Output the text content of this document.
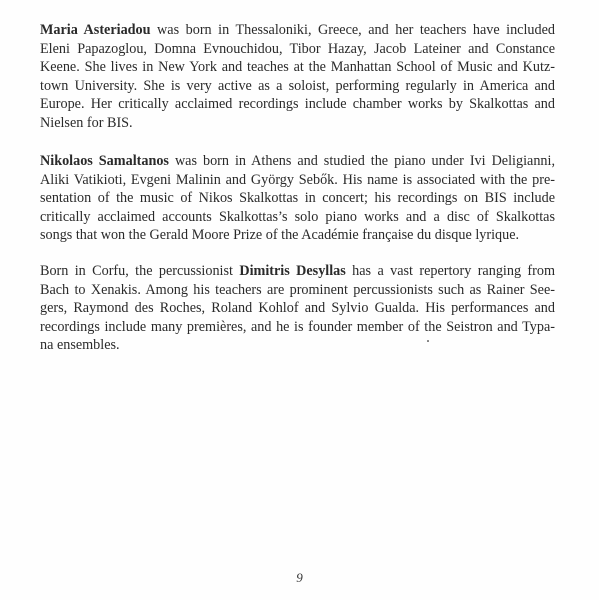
Maria Asteriadou was born in Thessaloniki, Greece, and her teachers have included
Eleni Papazoglou, Domna Evnouchidou, Tibor Hazay, Jacob Lateiner and Constance
Keene. She lives in New York and teaches at the Manhattan School of Music and Kutz-
town University. She is very active as a soloist, performing regularly in America and
Europe. Her critically acclaimed recordings include chamber works by Skalkottas and
Nielsen for BIS.
Nikolaos Samaltanos was born in Athens and studied the piano under Ivi Deligianni,
Aliki Vatikioti, Evgeni Malinin and György Sebők. His name is associated with the pre-
sentation of the music of Nikos Skalkottas in concert; his recordings on BIS include
critically acclaimed accounts Skalkottas’s solo piano works and a disc of Skalkottas
songs that won the Gerald Moore Prize of the Académie française du disque lyrique.
Born in Corfu, the percussionist Dimitris Desyllas has a vast repertory ranging from
Bach to Xenakis. Among his teachers are prominent percussionists such as Rainer See-
gers, Raymond des Roches, Roland Kohlof and Sylvio Gualda. His performances and
recordings include many premières, and he is founder member of the Seistron and Typa-
na ensembles.
9
